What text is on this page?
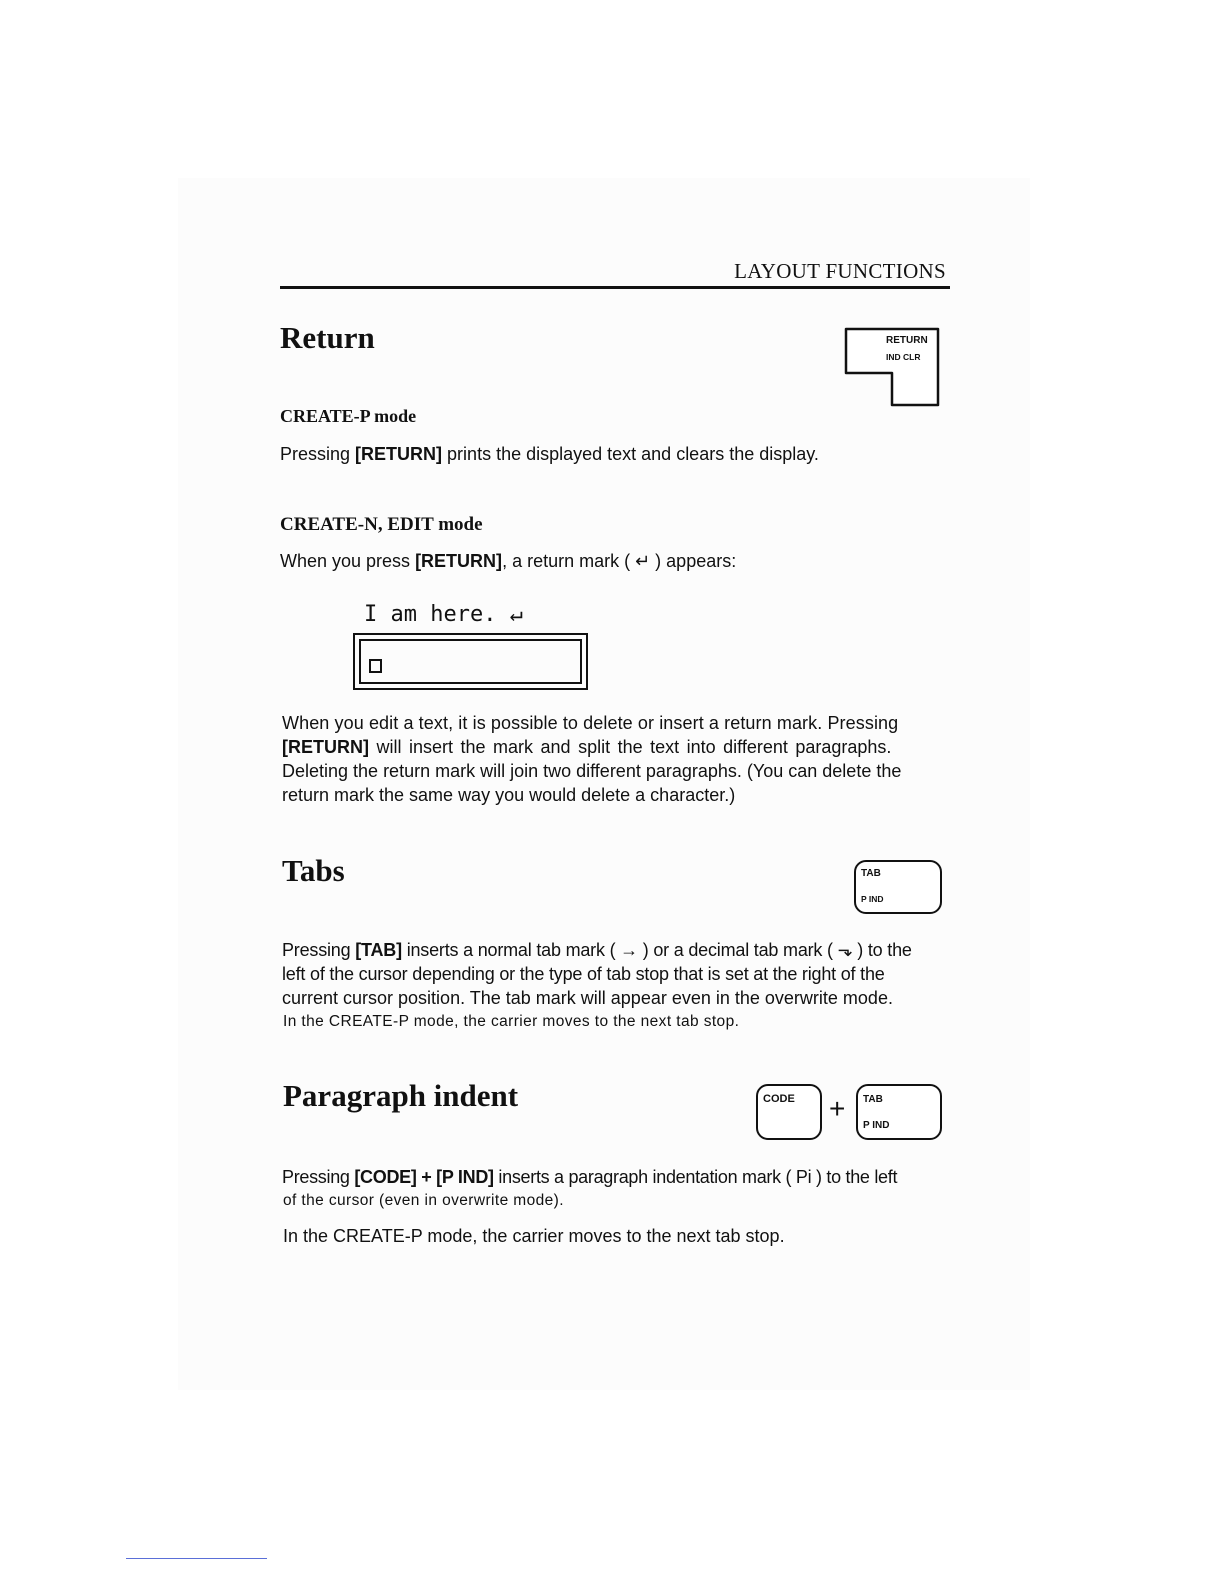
LAYOUT FUNCTIONS
Return	RETURN
IND CLR
CREATE-P mode

Pressing [RETURN] prints the displayed text and clears the display.

CREATE-N, EDIT mode

When you press [RETURN], a return mark ( ↵ ) appears:

I am here. ↵

When you edit a text, it is possible to delete or insert a return mark. Pressing

[RETURN] will insert the mark and split the text into different paragraphs.

Deleting the return mark will join two different paragraphs. (You can delete the

return mark the same way you would delete a character.)

Tabs	TAB
P IND

Pressing [TAB] inserts a normal tab mark ( → ) or a decimal tab mark ( ⬎ ) to the

left of the cursor depending or the type of tab stop that is set at the right of the

current cursor position. The tab mark will appear even in the overwrite mode.

In the CREATE-P mode, the carrier moves to the next tab stop.

Paragraph indent	CODE + TAB
P IND

Pressing [CODE] + [P IND] inserts a paragraph indentation mark ( Pi ) to the left

of the cursor (even in overwrite mode).

In the CREATE-P mode, the carrier moves to the next tab stop.
